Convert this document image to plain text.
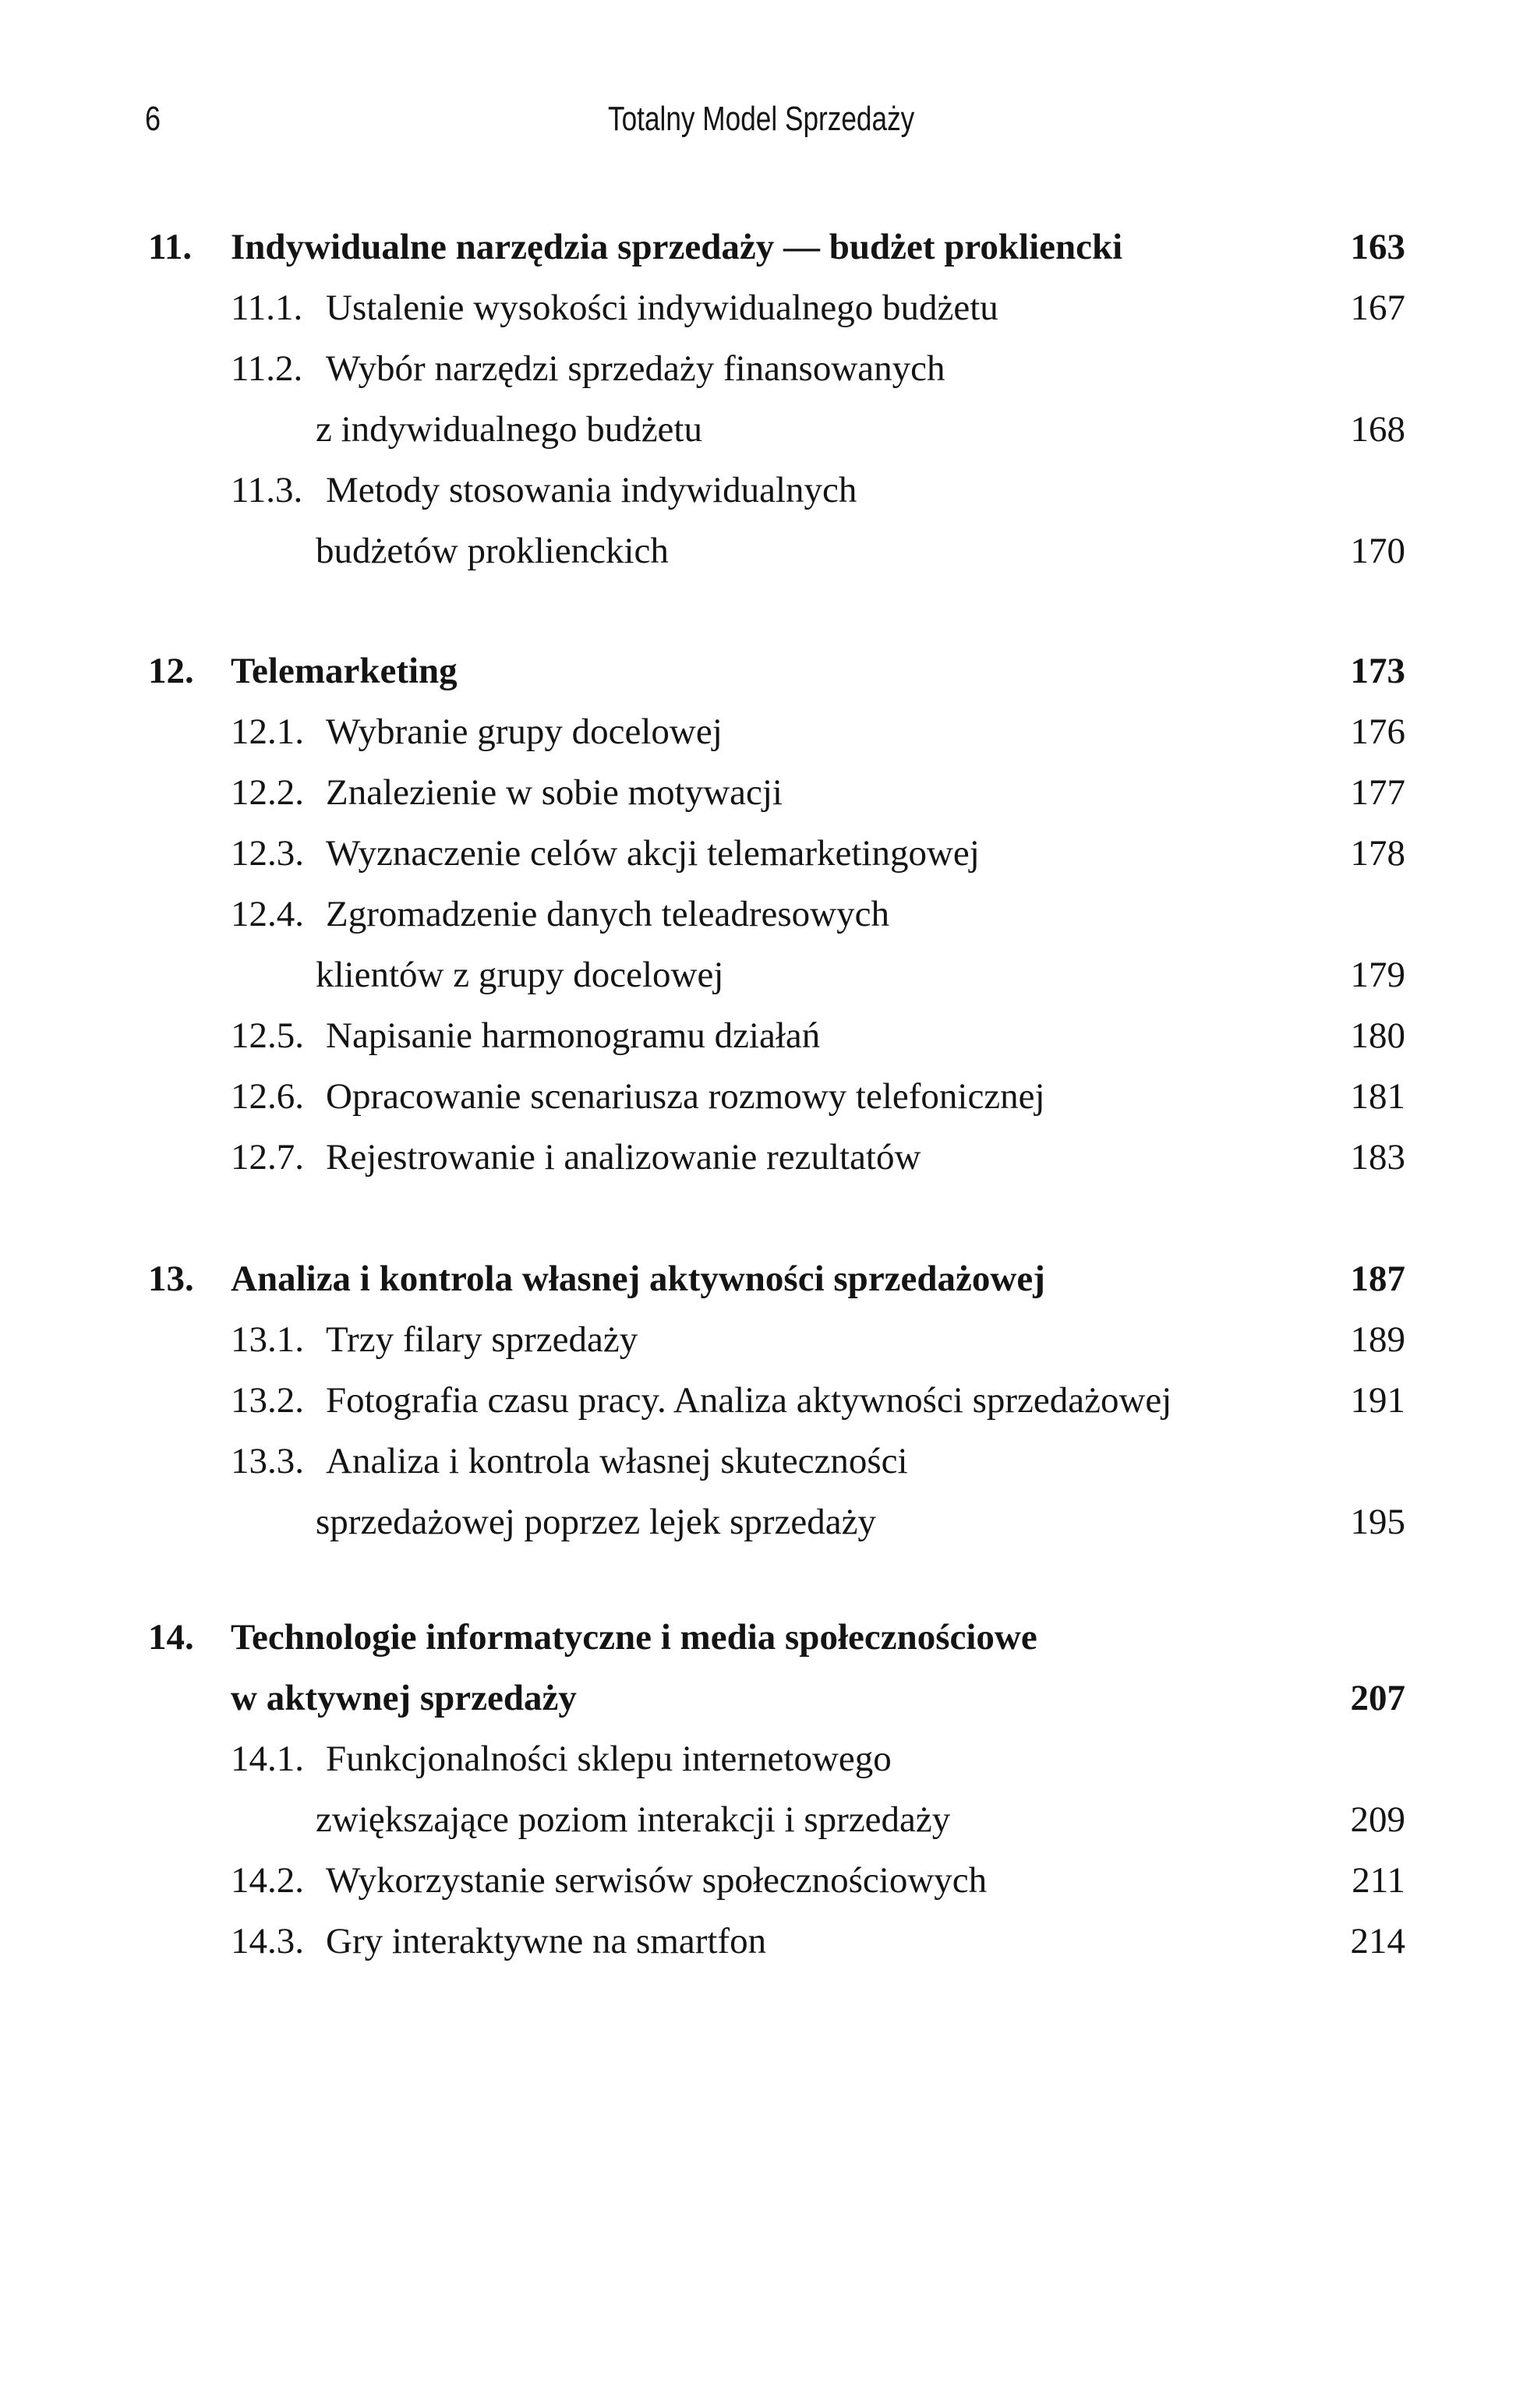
6	Totalny Model Sprzedaży
11. Indywidualne narzędzia sprzedaży — budżet prokliencki	163
11.1. Ustalenie wysokości indywidualnego budżetu	167
11.2. Wybór narzędzi sprzedaży finansowanych
z indywidualnego budżetu	168
11.3. Metody stosowania indywidualnych
budżetów proklienckich	170
12. Telemarketing	173
12.1. Wybranie grupy docelowej	176
12.2. Znalezienie w sobie motywacji	177
12.3. Wyznaczenie celów akcji telemarketingowej	178
12.4. Zgromadzenie danych teleadresowych
klientów z grupy docelowej	179
12.5. Napisanie harmonogramu działań	180
12.6. Opracowanie scenariusza rozmowy telefonicznej	181
12.7. Rejestrowanie i analizowanie rezultatów	183
13. Analiza i kontrola własnej aktywności sprzedażowej	187
13.1. Trzy filary sprzedaży	189
13.2. Fotografia czasu pracy. Analiza aktywności sprzedażowej	191
13.3. Analiza i kontrola własnej skuteczności
sprzedażowej poprzez lejek sprzedaży	195
14. Technologie informatyczne i media społecznościowe
w aktywnej sprzedaży	207
14.1. Funkcjonalności sklepu internetowego
zwiększające poziom interakcji i sprzedaży	209
14.2. Wykorzystanie serwisów społecznościowych	211
14.3. Gry interaktywne na smartfon	214
